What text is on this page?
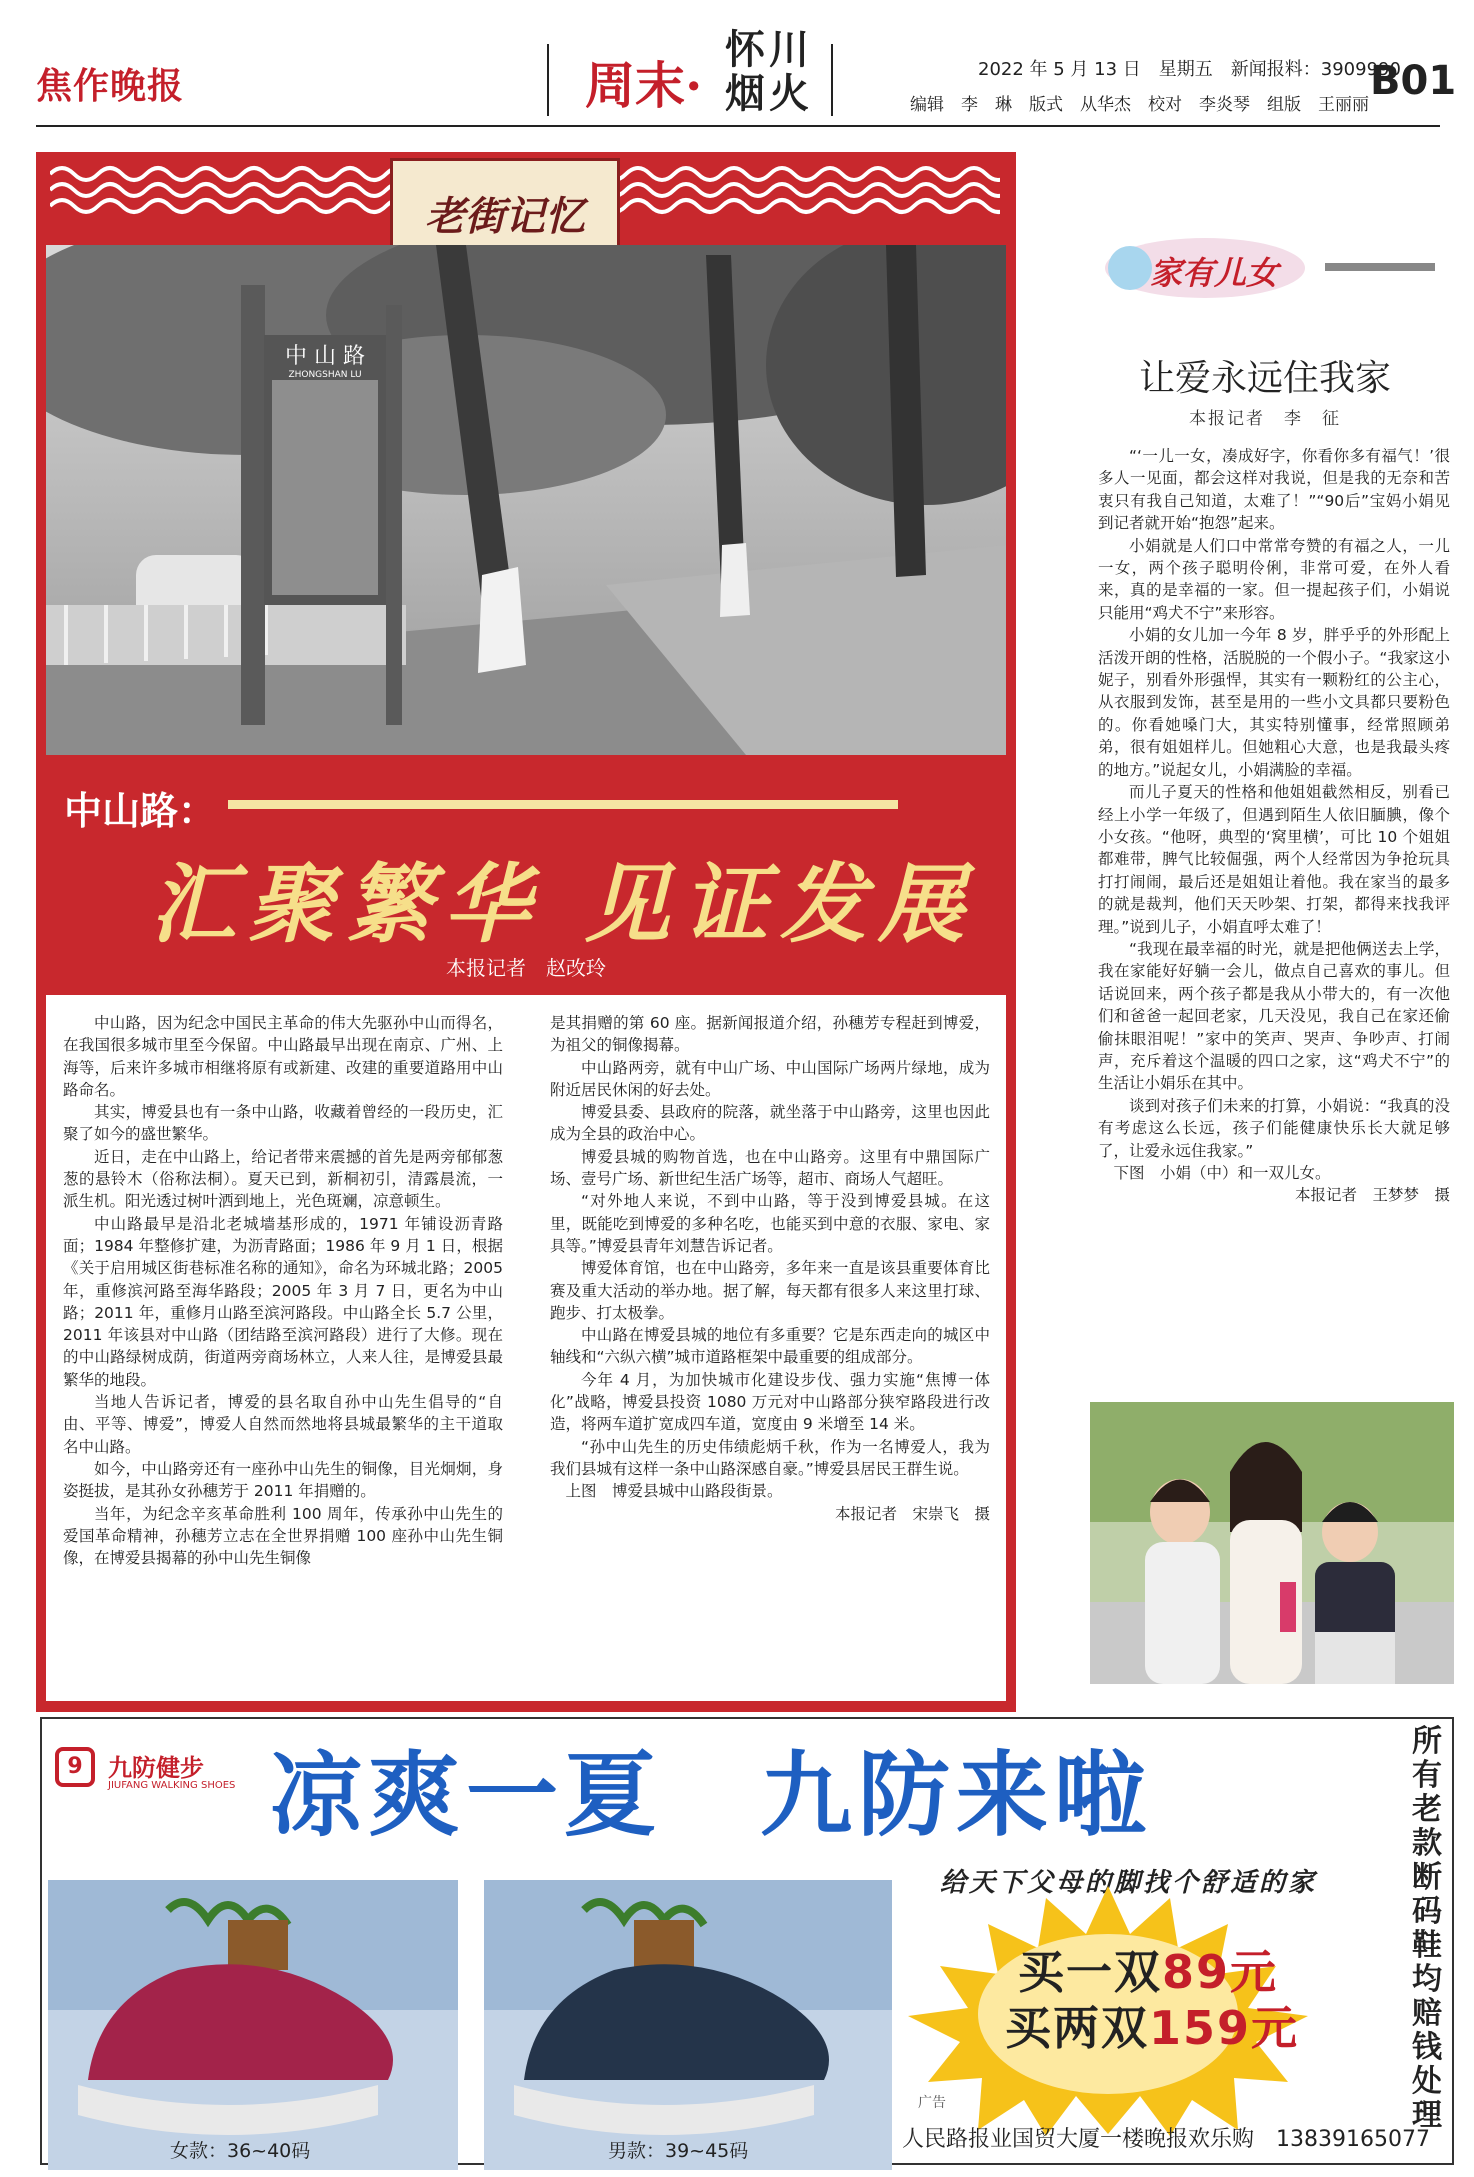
焦作晚报	周末·
怀川烟火
2022 年 5 月 13 日　星期五　新闻报料：3909990
编辑　李　琳　版式　从华杰　校对　李炎琴　组版　王丽丽
B01
老街记忆
中 山 路
ZHONGSHAN LU
中山路：
汇聚繁华 见证发展
本报记者　赵改玲

中山路，因为纪念中国民主革命的伟大先驱孙中山而得名，在我国很多城市里至今保留。中山路最早出现在南京、广州、上海等，后来许多城市相继将原有或新建、改建的重要道路用中山路命名。

其实，博爱县也有一条中山路，收藏着曾经的一段历史，汇聚了如今的盛世繁华。

近日，走在中山路上，给记者带来震撼的首先是两旁郁郁葱葱的悬铃木（俗称法桐）。夏天已到，新桐初引，清露晨流，一派生机。阳光透过树叶洒到地上，光色斑斓，凉意顿生。

中山路最早是沿北老城墙基形成的，1971 年铺设沥青路面；1984 年整修扩建，为沥青路面；1986 年 9 月 1 日，根据《关于启用城区街巷标准名称的通知》，命名为环城北路；2005 年，重修滨河路至海华路段；2005 年 3 月 7 日，更名为中山路；2011 年，重修月山路至滨河路段。中山路全长 5.7 公里，2011 年该县对中山路（团结路至滨河路段）进行了大修。现在的中山路绿树成荫，街道两旁商场林立，人来人往，是博爱县最繁华的地段。

当地人告诉记者，博爱的县名取自孙中山先生倡导的“自由、平等、博爱”，博爱人自然而然地将县城最繁华的主干道取名中山路。

如今，中山路旁还有一座孙中山先生的铜像，目光炯炯，身姿挺拔，是其孙女孙穗芳于 2011 年捐赠的。

当年，为纪念辛亥革命胜利 100 周年，传承孙中山先生的爱国革命精神，孙穗芳立志在全世界捐赠 100 座孙中山先生铜像，在博爱县揭幕的孙中山先生铜像

是其捐赠的第 60 座。据新闻报道介绍，孙穗芳专程赶到博爱，为祖父的铜像揭幕。

中山路两旁，就有中山广场、中山国际广场两片绿地，成为附近居民休闲的好去处。

博爱县委、县政府的院落，就坐落于中山路旁，这里也因此成为全县的政治中心。

博爱县城的购物首选，也在中山路旁。这里有中鼎国际广场、壹号广场、新世纪生活广场等，超市、商场人气超旺。

“对外地人来说，不到中山路，等于没到博爱县城。在这里，既能吃到博爱的多种名吃，也能买到中意的衣服、家电、家具等。”博爱县青年刘慧告诉记者。

博爱体育馆，也在中山路旁，多年来一直是该县重要体育比赛及重大活动的举办地。据了解，每天都有很多人来这里打球、跑步、打太极拳。

中山路在博爱县城的地位有多重要？它是东西走向的城区中轴线和“六纵六横”城市道路框架中最重要的组成部分。

今年 4 月，为加快城市化建设步伐、强力实施“焦博一体化”战略，博爱县投资 1080 万元对中山路部分狭窄路段进行改造，将两车道扩宽成四车道，宽度由 9 米增至 14 米。

“孙中山先生的历史伟绩彪炳千秋，作为一名博爱人，我为我们县城有这样一条中山路深感自豪。”博爱县居民王群生说。

上图　博爱县城中山路段街景。

本报记者　宋崇飞　摄

家有儿女
让爱永远住我家
本报记者　李　征

“‘一儿一女，凑成好字，你看你多有福气！’很多人一见面，都会这样对我说，但是我的无奈和苦衷只有我自己知道，太难了！”“90后”宝妈小娟见到记者就开始“抱怨”起来。

小娟就是人们口中常常夸赞的有福之人，一儿一女，两个孩子聪明伶俐，非常可爱，在外人看来，真的是幸福的一家。但一提起孩子们，小娟说只能用“鸡犬不宁”来形容。

小娟的女儿加一今年 8 岁，胖乎乎的外形配上活泼开朗的性格，活脱脱的一个假小子。“我家这小妮子，别看外形强悍，其实有一颗粉红的公主心，从衣服到发饰，甚至是用的一些小文具都只要粉色的。你看她嗓门大，其实特别懂事，经常照顾弟弟，很有姐姐样儿。但她粗心大意，也是我最头疼的地方。”说起女儿，小娟满脸的幸福。

而儿子夏天的性格和他姐姐截然相反，别看已经上小学一年级了，但遇到陌生人依旧腼腆，像个小女孩。“他呀，典型的‘窝里横’，可比 10 个姐姐都难带，脾气比较倔强，两个人经常因为争抢玩具打打闹闹，最后还是姐姐让着他。我在家当的最多的就是裁判，他们天天吵架、打架，都得来找我评理。”说到儿子，小娟直呼太难了！

“我现在最幸福的时光，就是把他俩送去上学，我在家能好好躺一会儿，做点自己喜欢的事儿。但话说回来，两个孩子都是我从小带大的，有一次他们和爸爸一起回老家，几天没见，我自己在家还偷偷抹眼泪呢！”家中的笑声、哭声、争吵声、打闹声，充斥着这个温暖的四口之家，这“鸡犬不宁”的生活让小娟乐在其中。

谈到对孩子们未来的打算，小娟说：“我真的没有考虑这么长远，孩子们能健康快乐长大就足够了，让爱永远住我家。”

下图　小娟（中）和一双儿女。

本报记者　王梦梦　摄

9	九防健步
JIUFANG WALKING SHOES 凉爽一夏　九防来啦
所有老款断码鞋均赔钱处理
给天下父母的脚找个舒适的家
买一双89元
买两双159元
广告
人民路报业国贸大厦一楼晚报欢乐购　13839165077
女款：36~40码	男款：39~45码
